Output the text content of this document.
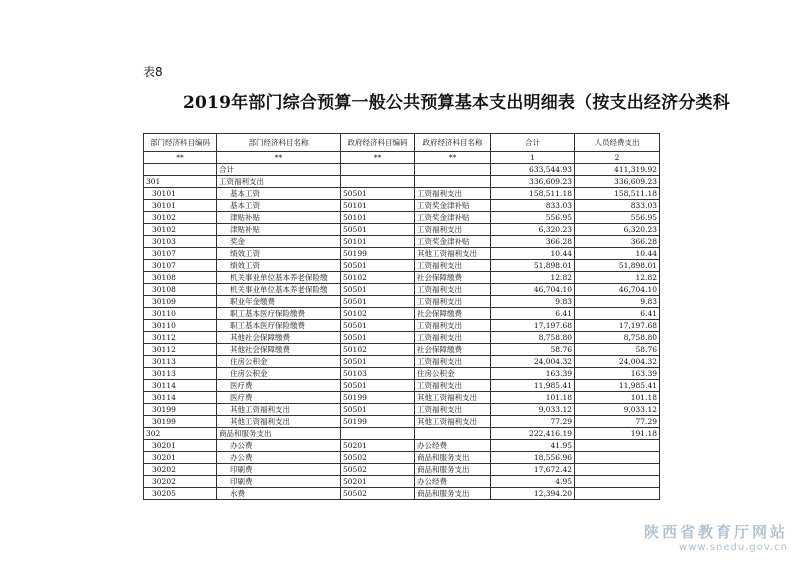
表8
2019年部门综合预算一般公共预算基本支出明细表（按支出经济分类科
部门经济科目编码	部门经济科目名称	政府经济科目编码	政府经济科目名称	合计	人员经费支出
**	**	**	**	1	2
	合计			633,544.93	411,319.92
301	工资福利支出			336,609.23	336,609.23
30101	基本工资	50501	工资福利支出	158,511.18	158,511.18
30101	基本工资	50101	工资奖金津补贴	833.03	833.03
30102	津贴补贴	50101	工资奖金津补贴	556.95	556.95
30102	津贴补贴	50501	工资福利支出	6,320.23	6,320.23
30103	奖金	50101	工资奖金津补贴	366.28	366.28
30107	绩效工资	50199	其他工资福利支出	10.44	10.44
30107	绩效工资	50501	工资福利支出	51,898.01	51,898.01
30108	机关事业单位基本养老保险缴	50102	社会保障缴费	12.82	12.82
30108	机关事业单位基本养老保险缴	50501	工资福利支出	46,704.10	46,704.10
30109	职业年金缴费	50501	工资福利支出	9.83	9.83
30110	职工基本医疗保险缴费	50102	社会保障缴费	6.41	6.41
30110	职工基本医疗保险缴费	50501	工资福利支出	17,197.68	17,197.68
30112	其他社会保障缴费	50501	工资福利支出	8,758.80	8,758.80
30112	其他社会保障缴费	50102	社会保障缴费	58.76	58.76
30113	住房公积金	50501	工资福利支出	24,004.32	24,004.32
30113	住房公积金	50103	住房公积金	163.39	163.39
30114	医疗费	50501	工资福利支出	11,985.41	11,985.41
30114	医疗费	50199	其他工资福利支出	101.18	101.18
30199	其他工资福利支出	50501	工资福利支出	9,033.12	9,033.12
30199	其他工资福利支出	50199	其他工资福利支出	77.29	77.29
302	商品和服务支出			222,416.19	191.18
30201	办公费	50201	办公经费	41.95	
30201	办公费	50502	商品和服务支出	18,556.96	
30202	印刷费	50502	商品和服务支出	17,672.42	
30202	印刷费	50201	办公经费	4.95	
30205	水费	50502	商品和服务支出	12,394.20	
陕西省教育厅网站
www.snedu.gov.cn
